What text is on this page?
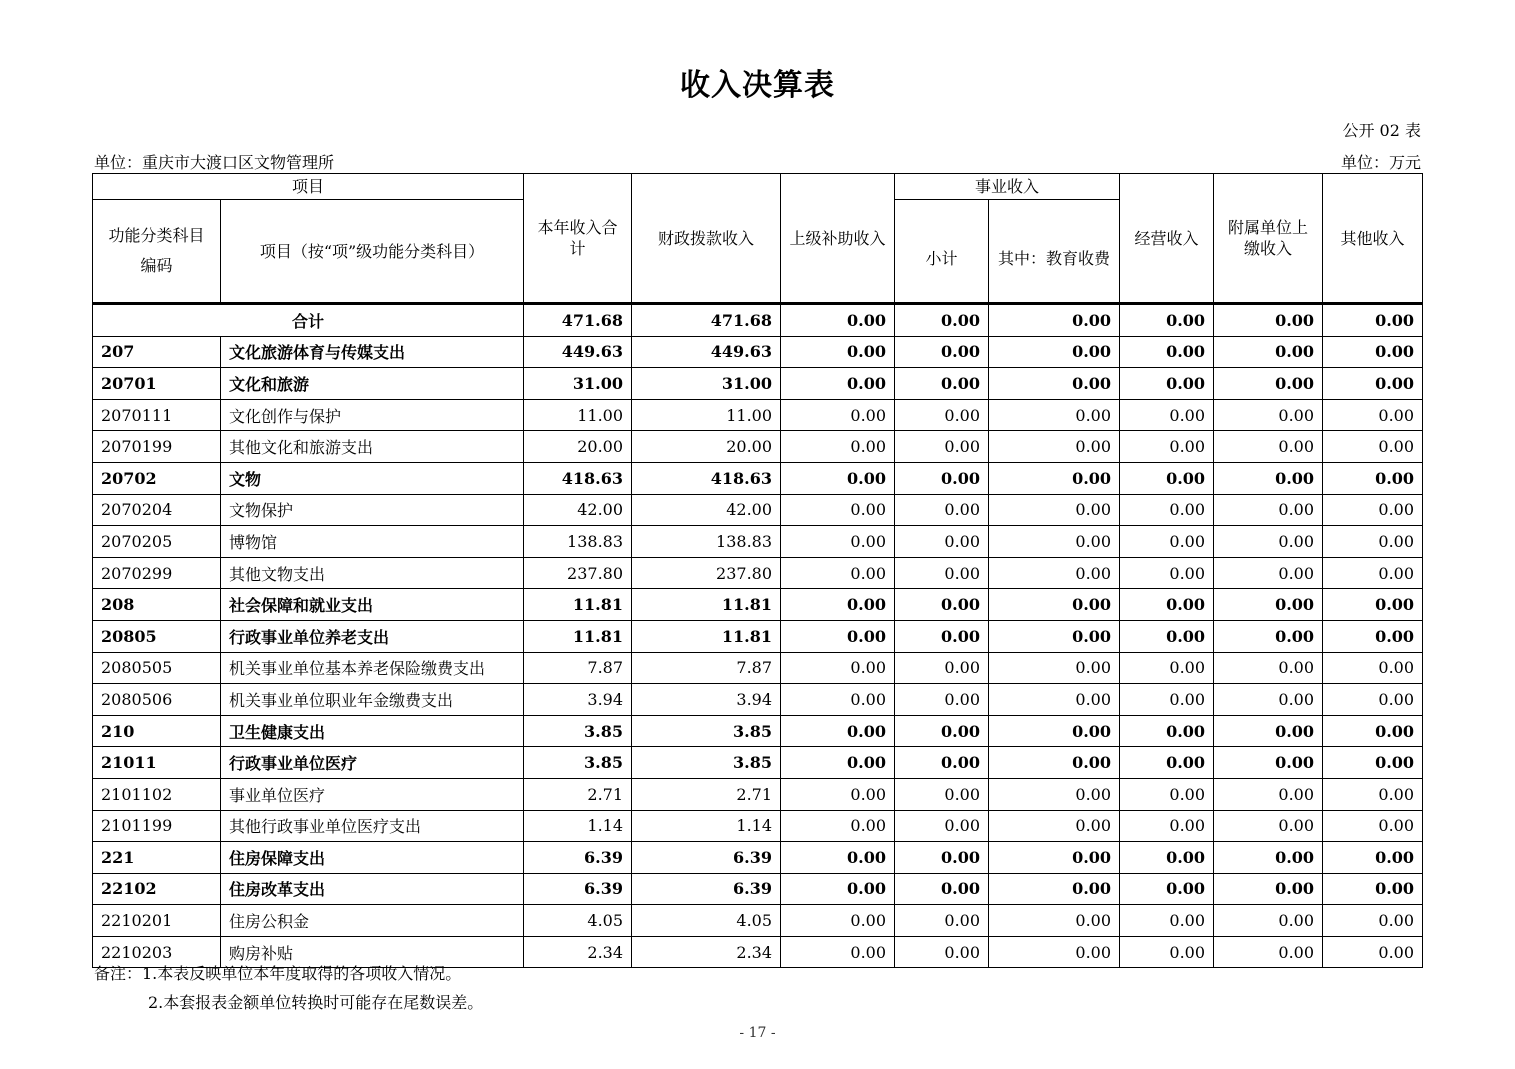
收入决算表
公开 02 表
单位：重庆市大渡口区文物管理所	单位：万元
项目		本年收入合计	财政拨款收入	上级补助收入	事业收入		经营收入	附属单位上缴收入	其他收入
功能分类科目编码	项目（按“项”级功能分类科目）				小计	其中：教育收费			

合计		471.68	471.68	0.00	0.00	0.00	0.00	0.00	0.00
207	文化旅游体育与传媒支出	449.63	449.63	0.00	0.00	0.00	0.00	0.00	0.00
20701	文化和旅游	31.00	31.00	0.00	0.00	0.00	0.00	0.00	0.00
2070111	文化创作与保护	11.00	11.00	0.00	0.00	0.00	0.00	0.00	0.00
2070199	其他文化和旅游支出	20.00	20.00	0.00	0.00	0.00	0.00	0.00	0.00
20702	文物	418.63	418.63	0.00	0.00	0.00	0.00	0.00	0.00
2070204	文物保护	42.00	42.00	0.00	0.00	0.00	0.00	0.00	0.00
2070205	博物馆	138.83	138.83	0.00	0.00	0.00	0.00	0.00	0.00
2070299	其他文物支出	237.80	237.80	0.00	0.00	0.00	0.00	0.00	0.00
208	社会保障和就业支出	11.81	11.81	0.00	0.00	0.00	0.00	0.00	0.00
20805	行政事业单位养老支出	11.81	11.81	0.00	0.00	0.00	0.00	0.00	0.00
2080505	机关事业单位基本养老保险缴费支出	7.87	7.87	0.00	0.00	0.00	0.00	0.00	0.00
2080506	机关事业单位职业年金缴费支出	3.94	3.94	0.00	0.00	0.00	0.00	0.00	0.00
210	卫生健康支出	3.85	3.85	0.00	0.00	0.00	0.00	0.00	0.00
21011	行政事业单位医疗	3.85	3.85	0.00	0.00	0.00	0.00	0.00	0.00
2101102	事业单位医疗	2.71	2.71	0.00	0.00	0.00	0.00	0.00	0.00
2101199	其他行政事业单位医疗支出	1.14	1.14	0.00	0.00	0.00	0.00	0.00	0.00
221	住房保障支出	6.39	6.39	0.00	0.00	0.00	0.00	0.00	0.00
22102	住房改革支出	6.39	6.39	0.00	0.00	0.00	0.00	0.00	0.00
2210201	住房公积金	4.05	4.05	0.00	0.00	0.00	0.00	0.00	0.00
2210203	购房补贴	2.34	2.34	0.00	0.00	0.00	0.00	0.00	0.00
备注：1.本表反映单位本年度取得的各项收入情况。
2.本套报表金额单位转换时可能存在尾数误差。
- 17 -
